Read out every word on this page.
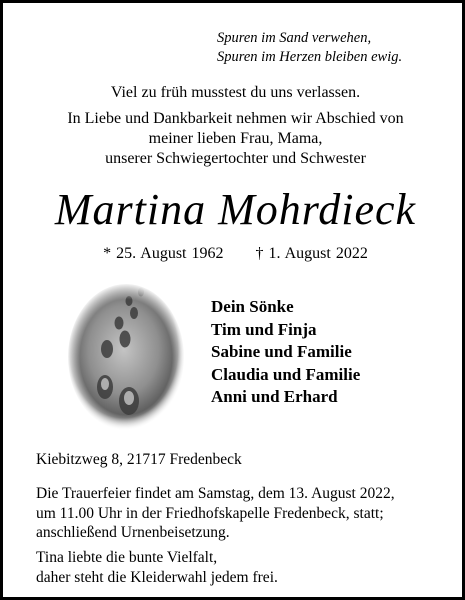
Spuren im Sand verwehen,
Spuren im Herzen bleiben ewig.
Viel zu früh musstest du uns verlassen.
In Liebe und Dankbarkeit nehmen wir Abschied von
meiner lieben Frau, Mama,
unserer Schwiegertochter und Schwester
Martina Mohrdieck
* 25. August 1962 † 1. August 2022
Dein Sönke
Tim und Finja
Sabine und Familie
Claudia und Familie
Anni und Erhard
Kiebitzweg 8, 21717 Fredenbeck
Die Trauerfeier findet am Samstag, dem 13. August 2022,
um 11.00 Uhr in der Friedhofskapelle Fredenbeck, statt;
anschließend Urnenbeisetzung.
Tina liebte die bunte Vielfalt,
daher steht die Kleiderwahl jedem frei.
